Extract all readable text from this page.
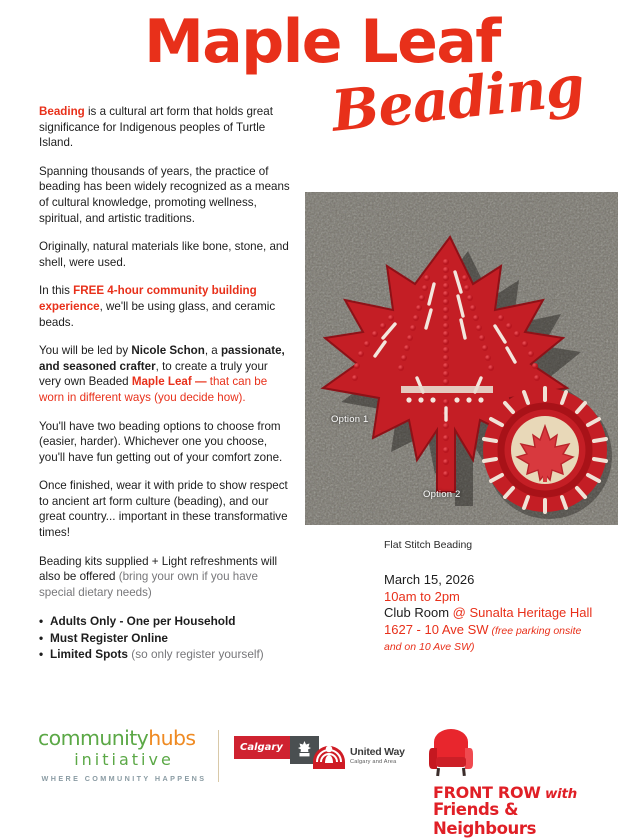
Maple Leaf
Beading

Beading is a cultural art form that holds great significance for Indigenous peoples of Turtle Island.

Spanning thousands of years, the practice of beading has been widely recognized as a means of cultural knowledge, promoting wellness, spiritual, and artistic traditions.

Originally, natural materials like bone, stone, and shell, were used.

In this FREE 4-hour community building experience, we'll be using glass, and ceramic beads.

You will be led by Nicole Schon, a passionate, and seasoned crafter, to create a truly your very own Beaded Maple Leaf — that can be worn in different ways (you decide how).

You'll have two beading options to choose from (easier, harder). Whichever one you choose, you'll have fun getting out of your comfort zone.

Once finished, wear it with pride to show respect to ancient art form culture (beading), and our great country... important in these transformative times!

Beading kits supplied + Light refreshments will also be offered (bring your own if you have special dietary needs)

• Adults Only - One per Household
• Must Register Online
• Limited Spots (so only register yourself)
Option 1
Option 2
Flat Stitch Beading
March 15, 2026
10am to 2pm
Club Room @ Sunalta Heritage Hall
1627 - 10 Ave SW (free parking onsite
and on 10 Ave SW)
communityhubs
initiative
WHERE COMMUNITY HAPPENS
Calgary	United Way
Calgary and Area
FRONT ROW with
Friends & Neighbours
